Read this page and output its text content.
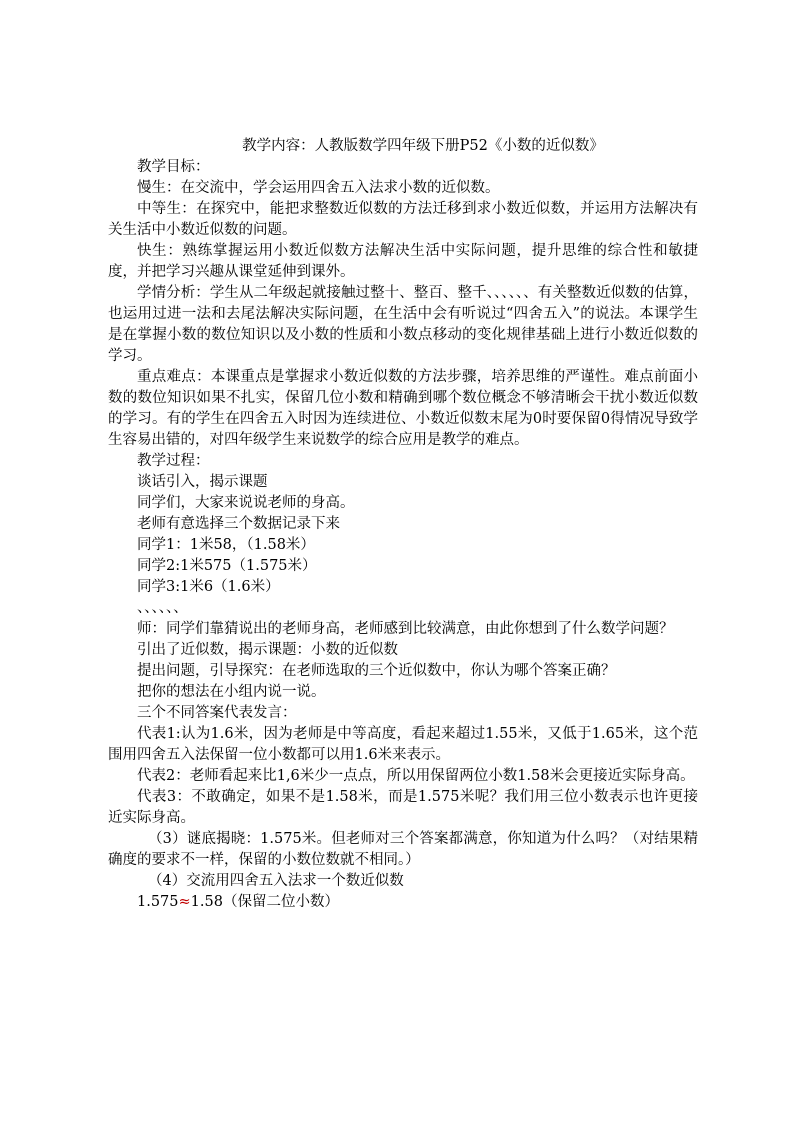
教学内容：人教版数学四年级下册P52《小数的近似数》

教学目标：

慢生：在交流中，学会运用四舍五入法求小数的近似数。

中等生：在探究中，能把求整数近似数的方法迁移到求小数近似数，并运用方法解决有关生活中小数近似数的问题。

快生：熟练掌握运用小数近似数方法解决生活中实际问题，提升思维的综合性和敏捷度，并把学习兴趣从课堂延伸到课外。

学情分析：学生从二年级起就接触过整十、整百、整千、、、、、、有关整数近似数的估算，也运用过进一法和去尾法解决实际问题，在生活中会有听说过“四舍五入”的说法。本课学生是在掌握小数的数位知识以及小数的性质和小数点移动的变化规律基础上进行小数近似数的学习。

重点难点：本课重点是掌握求小数近似数的方法步骤，培养思维的严谨性。难点前面小数的数位知识如果不扎实，保留几位小数和精确到哪个数位概念不够清晰会干扰小数近似数的学习。有的学生在四舍五入时因为连续进位、小数近似数末尾为0时要保留0得情况导致学生容易出错的，对四年级学生来说数学的综合应用是教学的难点。

教学过程：

谈话引入，揭示课题

同学们，大家来说说老师的身高。

老师有意选择三个数据记录下来

同学1：1米58，（1.58米）

同学2:1米575（1.575米）

同学3:1米6（1.6米）

、、、、、、

师：同学们靠猜说出的老师身高，老师感到比较满意，由此你想到了什么数学问题？

引出了近似数，揭示课题：小数的近似数

提出问题，引导探究：在老师选取的三个近似数中，你认为哪个答案正确？

把你的想法在小组内说一说。

三个不同答案代表发言：

代表1:认为1.6米，因为老师是中等高度，看起来超过1.55米，又低于1.65米，这个范围用四舍五入法保留一位小数都可以用1.6米来表示。

代表2：老师看起来比1,6米少一点点，所以用保留两位小数1.58米会更接近实际身高。

代表3：不敢确定，如果不是1.58米，而是1.575米呢？我们用三位小数表示也许更接近实际身高。

（3）谜底揭晓：1.575米。但老师对三个答案都满意，你知道为什么吗？（对结果精确度的要求不一样，保留的小数位数就不相同。）

（4）交流用四舍五入法求一个数近似数

1.575≈1.58（保留二位小数）
